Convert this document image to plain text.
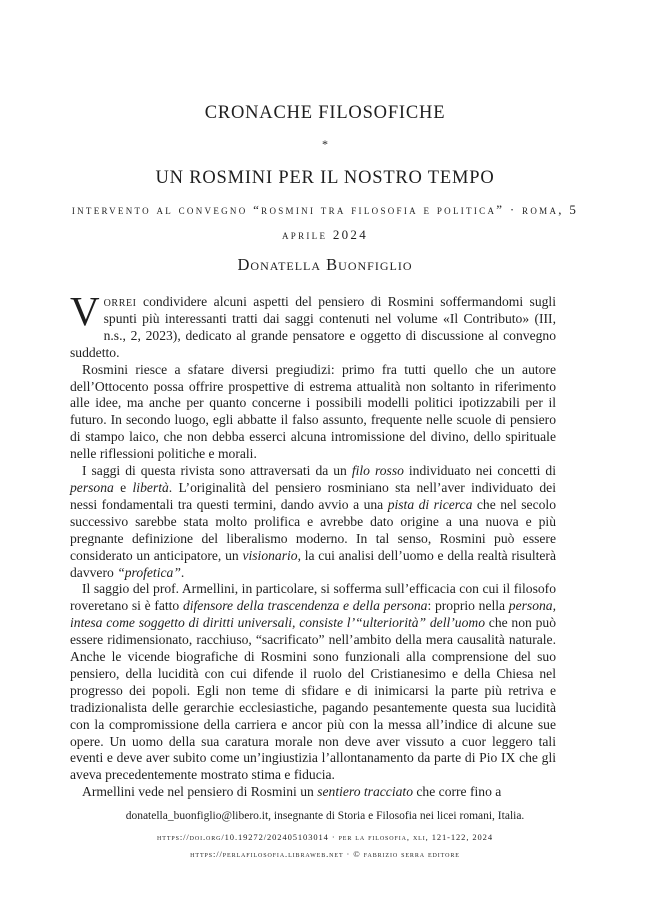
CRONACHE FILOSOFICHE
*
UN ROSMINI PER IL NOSTRO TEMPO
intervento al convegno “rosmini tra filosofia e politica” · roma, 5 aprile 2024
Donatella Buonfiglio

Vorrei condividere alcuni aspetti del pensiero di Rosmini soffermandomi sugli spunti più interessanti tratti dai saggi contenuti nel volume «Il Contributo» (III, n.s., 2, 2023), dedicato al grande pensatore e oggetto di discussione al convegno suddetto.

Rosmini riesce a sfatare diversi pregiudizi: primo fra tutti quello che un autore dell’Ottocento possa offrire prospettive di estrema attualità non soltanto in riferimento alle idee, ma anche per quanto concerne i possibili modelli politici ipotizzabili per il futuro. In secondo luogo, egli abbatte il falso assunto, frequente nelle scuole di pensiero di stampo laico, che non debba esserci alcuna intromissione del divino, dello spirituale nelle riflessioni politiche e morali.

I saggi di questa rivista sono attraversati da un filo rosso individuato nei concetti di persona e libertà. L’originalità del pensiero rosminiano sta nell’aver individuato dei nessi fondamentali tra questi termini, dando avvio a una pista di ricerca che nel secolo successivo sarebbe stata molto prolifica e avrebbe dato origine a una nuova e più pregnante definizione del liberalismo moderno. In tal senso, Rosmini può essere considerato un anticipatore, un visionario, la cui analisi dell’uomo e della realtà risulterà davvero “profetica”.

Il saggio del prof. Armellini, in particolare, si sofferma sull’efficacia con cui il filosofo roveretano si è fatto difensore della trascendenza e della persona: proprio nella persona, intesa come soggetto di diritti universali, consiste l’“ulteriorità” dell’uomo che non può essere ridimensionato, racchiuso, “sacrificato” nell’ambito della mera causalità naturale. Anche le vicende biografiche di Rosmini sono funzionali alla comprensione del suo pensiero, della lucidità con cui difende il ruolo del Cristianesimo e della Chiesa nel progresso dei popoli. Egli non teme di sfidare e di inimicarsi la parte più retriva e tradizionalista delle gerarchie ecclesiastiche, pagando pesantemente questa sua lucidità con la compromissione della carriera e ancor più con la messa all’indice di alcune sue opere. Un uomo della sua caratura morale non deve aver vissuto a cuor leggero tali eventi e deve aver subito come un’ingiustizia l’allontanamento da parte di Pio IX che gli aveva precedentemente mostrato stima e fiducia.

Armellini vede nel pensiero di Rosmini un sentiero tracciato che corre fino a

donatella_buonfiglio@libero.it, insegnante di Storia e Filosofia nei licei romani, Italia.
https://doi.org/10.19272/202405103014 · per la filosofia, xli, 121-122, 2024
https://perlafilosofia.libraweb.net · © fabrizio serra editore
